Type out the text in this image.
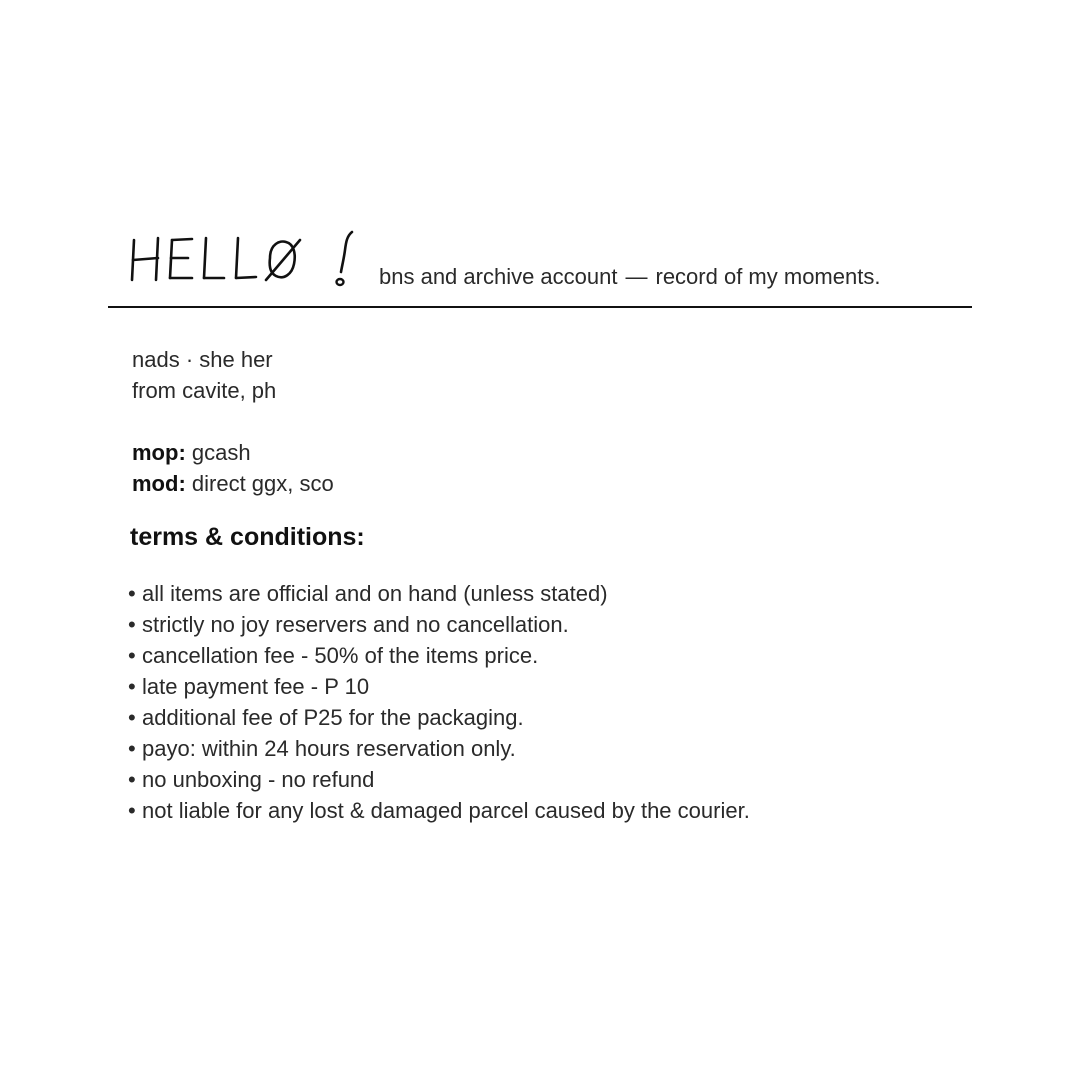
bns and archive account — record of my moments.
nads · she her
from cavite, ph
mop: gcash
mod: direct ggx, sco
terms & conditions:
• all items are official and on hand (unless stated)
• strictly no joy reservers and no cancellation.
• cancellation fee - 50% of the items price.
• late payment fee - P 10
• additional fee of P25 for the packaging.
• payo: within 24 hours reservation only.
• no unboxing - no refund
• not liable for any lost & damaged parcel caused by the courier.
